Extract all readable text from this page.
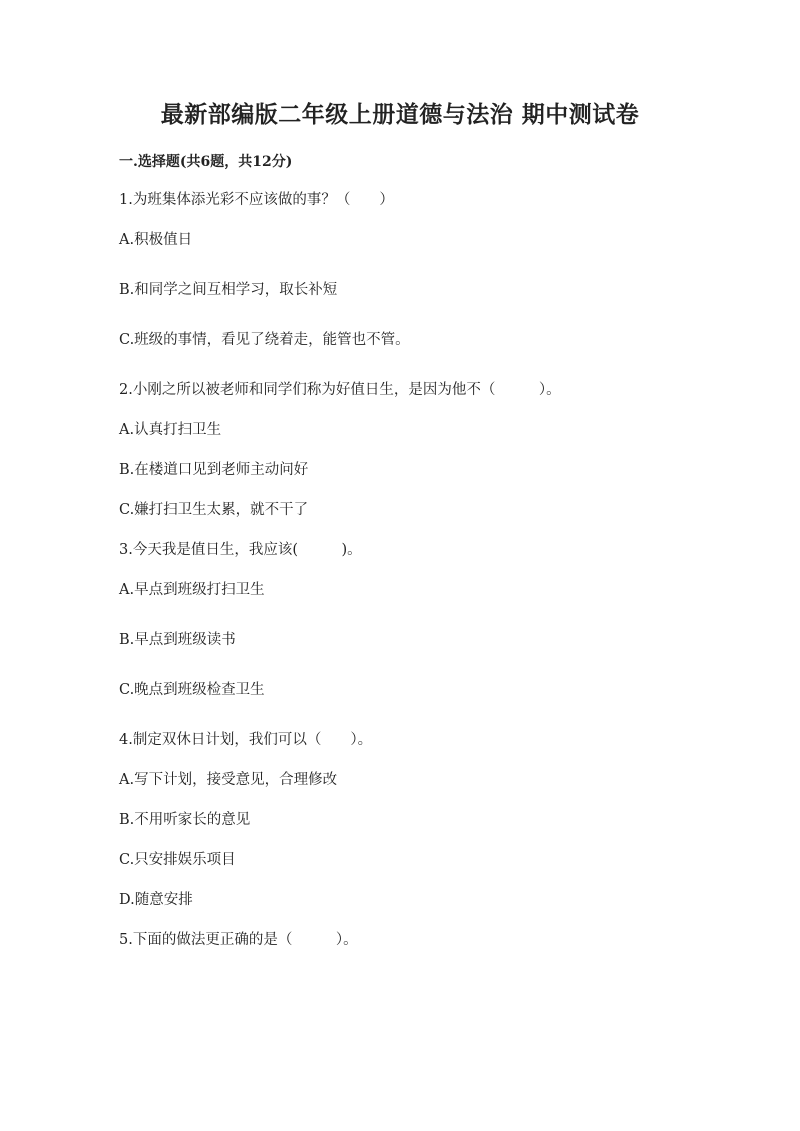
最新部编版二年级上册道德与法治 期中测试卷
一.选择题(共6题，共12分)
1.为班集体添光彩不应该做的事？（　　）
A.积极值日
B.和同学之间互相学习，取长补短
C.班级的事情，看见了绕着走，能管也不管。
2.小刚之所以被老师和同学们称为好值日生，是因为他不（　　　）。
A.认真打扫卫生
B.在楼道口见到老师主动问好
C.嫌打扫卫生太累，就不干了
3.今天我是值日生，我应该(　　　)。
A.早点到班级打扫卫生
B.早点到班级读书
C.晚点到班级检查卫生
4.制定双休日计划，我们可以（　　）。
A.写下计划，接受意见，合理修改
B.不用听家长的意见
C.只安排娱乐项目
D.随意安排
5.下面的做法更正确的是（　　　）。
